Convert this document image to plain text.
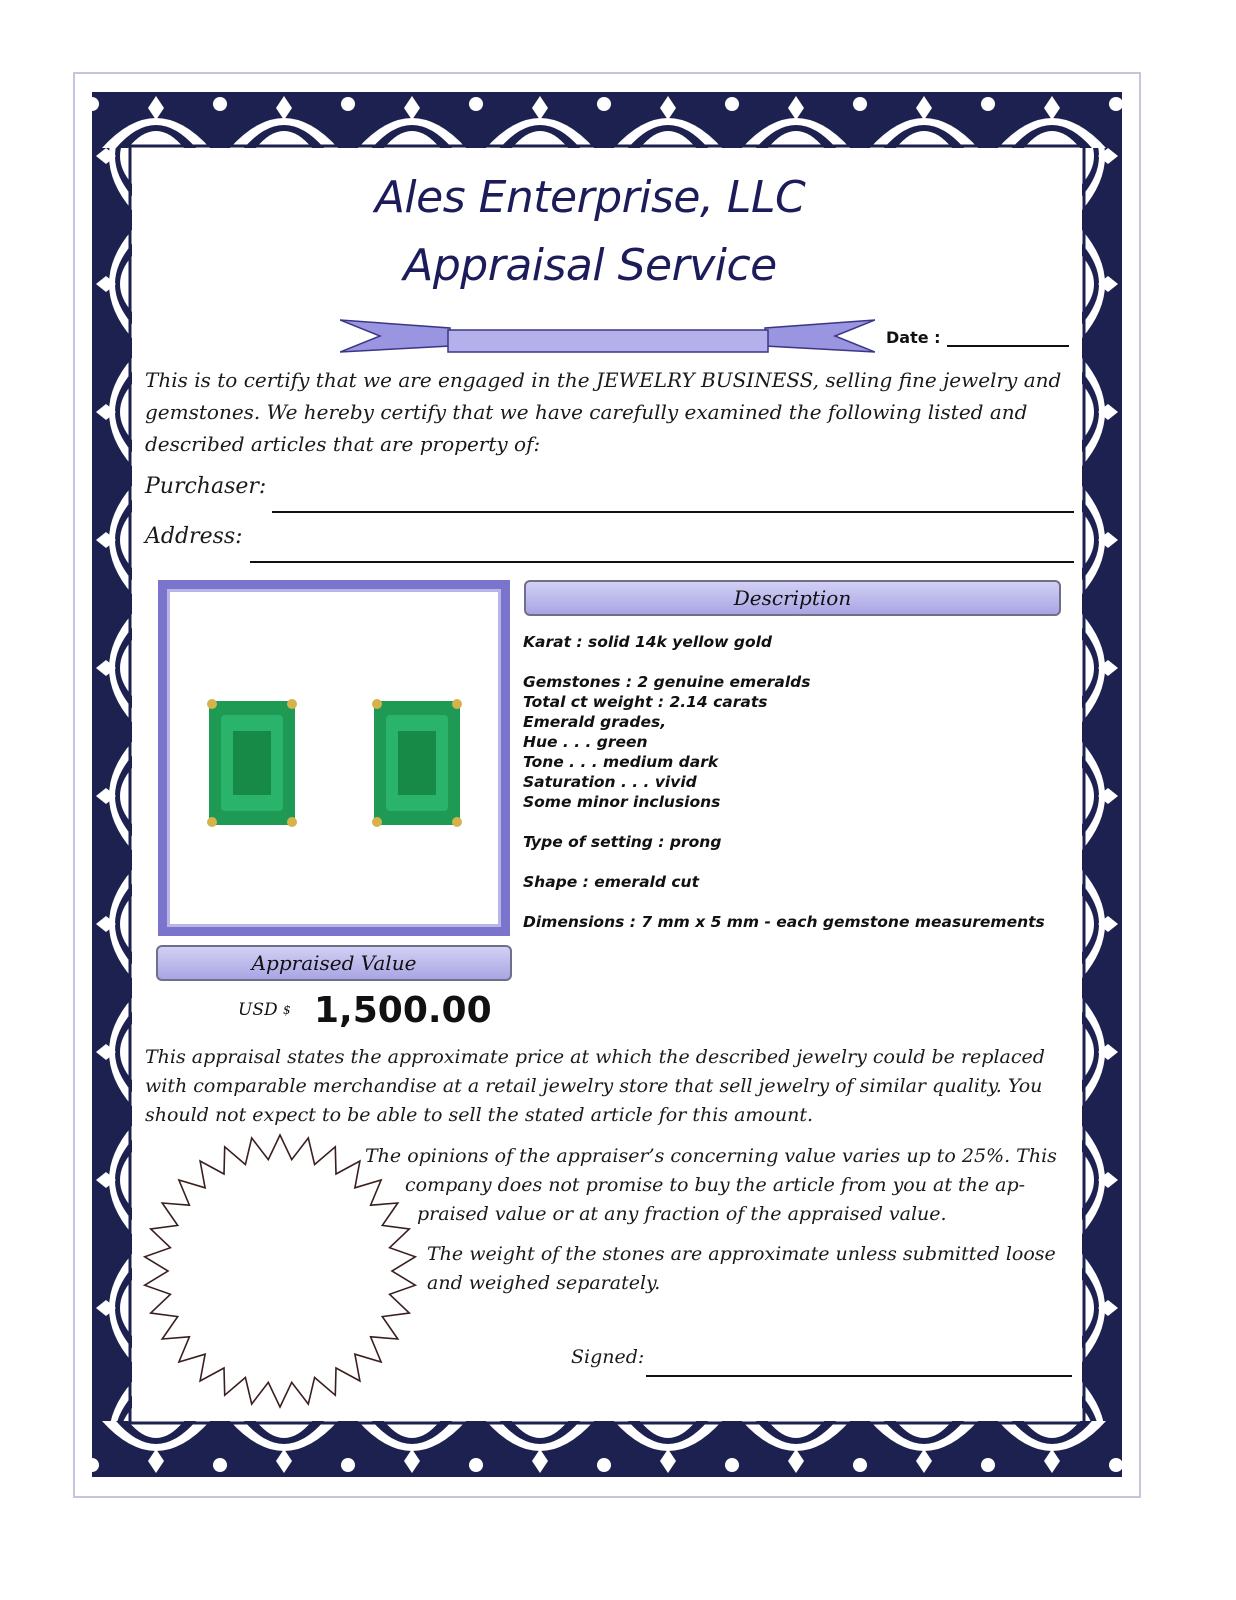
Ales Enterprise, LLC
Appraisal Service
Date :
This is to certify that we are engaged in the JEWELRY BUSINESS, selling fine jewelry and gemstones. We hereby certify that we have carefully examined the following listed and described articles that are property of:
Purchaser:
Address:
Description
Karat : solid 14k yellow gold
Gemstones : 2 genuine emeralds
Total ct weight : 2.14 carats
Emerald grades,
Hue . . . green
Tone . . . medium dark
Saturation . . . vivid
Some minor inclusions
Type of setting : prong
Shape : emerald cut
Dimensions : 7 mm x 5 mm - each gemstone measurements
Appraised Value
USD $ 1,500.00
This appraisal states the approximate price at which the described jewelry could be replaced with comparable merchandise at a retail jewelry store that sell jewelry of similar quality. You should not expect to be able to sell the stated article for this amount.
The opinions of the appraiser’s concerning value varies up to 25%. This
company does not promise to buy the article from you at the ap-
praised value or at any fraction of the appraised value.
The weight of the stones are approximate unless submitted loose and weighed separately.
Signed:
